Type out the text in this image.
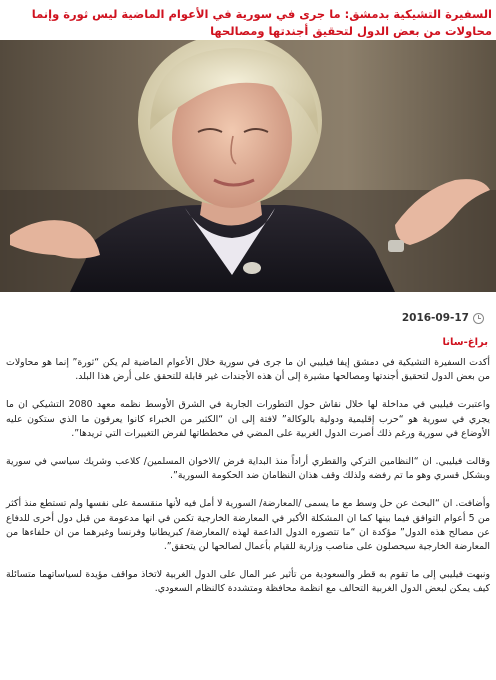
السفيرة التشيكية بدمشق: ما جرى في سورية في الأعوام الماضية ليس ثورة وإنما محاولات من بعض الدول لتحقيق أجندتها ومصالحها
2016-09-17
براغ-سانا

أكدت السفيرة التشيكية في دمشق إيفا فيليبي ان ما جرى في سورية خلال الأعوام الماضية لم يكن “ثورة” إنما هو محاولات من بعض الدول لتحقيق أجندتها ومصالحها مشيرة إلى أن هذه الأجندات غير قابلة للتحقق على أرض هذا البلد.

واعتبرت فيليبي في مداخلة لها خلال نقاش حول التطورات الجارية في الشرق الأوسط نظمه معهد 2080 التشيكي ان ما يجري في سورية هو “حرب إقليمية ودولية بالوكالة” لافتة إلى ان “الكثير من الخبراء كانوا يعرفون ما الذي ستكون عليه الأوضاع في سورية ورغم ذلك أصرت الدول الغربية على المضي في مخططاتها لفرض التغييرات التي تريدها”.

وقالت فيليبي. ان “النظامين التركي والقطري أراداً منذ البداية فرض /الاخوان المسلمين/ كلاعب وشريك سياسي في سورية وبشكل قسري وهو ما تم رفضه ولذلك وقف هذان النظامان ضد الحكومة السورية”.

وأضافت. ان “البحث عن حل وسط مع ما يسمى /المعارضة/ السورية لا أمل فيه لأنها منقسمة على نفسها ولم تستطع منذ أكثر من 5 أعوام التوافق فيما بينها كما ان المشكلة الأكبر في المعارضة الخارجية تكمن في انها مدعومة من قبل دول أخرى للدفاع عن مصالح هذه الدول” مؤكدة ان “ما تتصوره الدول الداعمة لهذه /المعارضة/ كبريطانيا وفرنسا وغيرهما من ان حلفاءها من المعارضة الخارجية سيحصلون على مناصب وزارية للقيام بأعمال لصالحها لن يتحقق”.

ونبهت فيليبي إلى ما تقوم به قطر والسعودية من تأثير عبر المال على الدول الغربية لاتخاذ مواقف مؤيدة لسياساتهما متسائلة كيف يمكن لبعض الدول الغربية التحالف مع انظمة محافظة ومتشددة كالنظام السعودي.
